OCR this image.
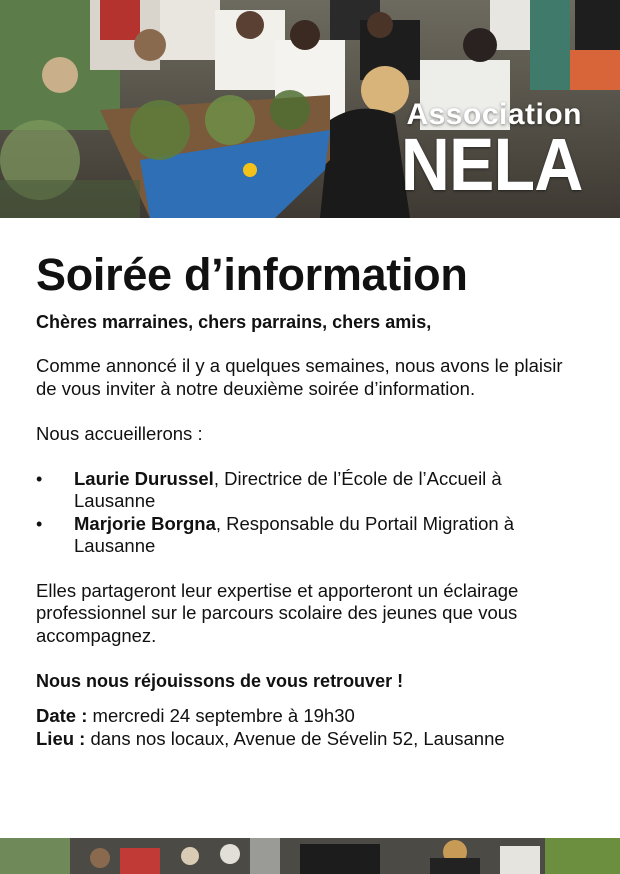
Association
NELA
Soirée d’information

Chères marraines, chers parrains, chers amis,

Comme annoncé il y a quelques semaines, nous avons le plaisir de vous inviter à notre deuxième soirée d’information.

Nous accueillerons :

• Laurie Durussel, Directrice de l’École de l’Accueil à Lausanne
• Marjorie Borgna, Responsable du Portail Migration à Lausanne

Elles partageront leur expertise et apporteront un éclairage professionnel sur le parcours scolaire des jeunes que vous accompagnez.

Nous nous réjouissons de vous retrouver !

Date : mercredi 24 septembre à 19h30
Lieu : dans nos locaux, Avenue de Sévelin 52, Lausanne
